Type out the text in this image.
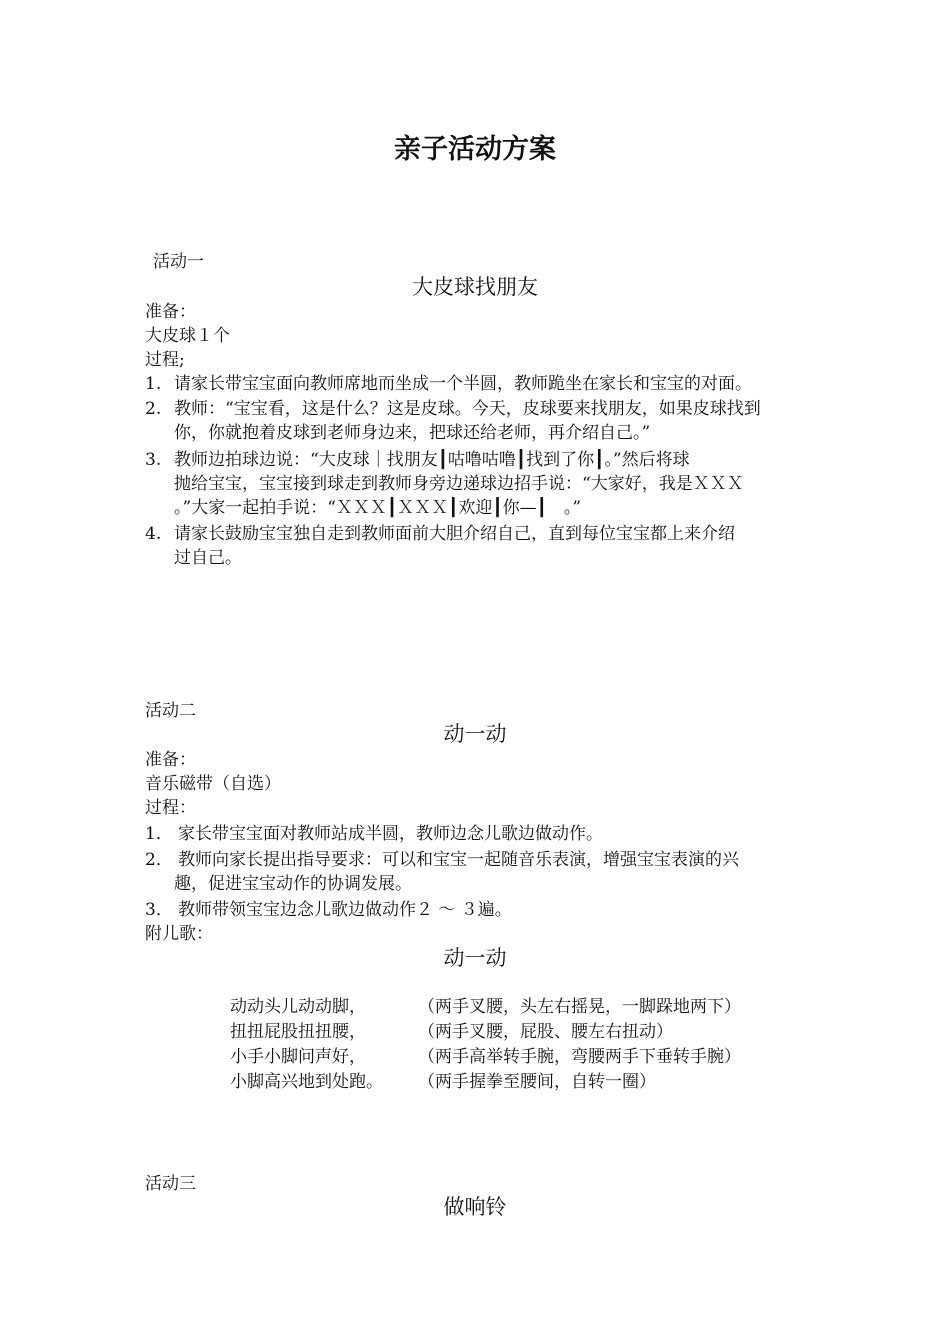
亲子活动方案
活动一
大皮球找朋友
准备：
大皮球１个
过程;
1. 请家长带宝宝面向教师席地而坐成一个半圆，教师跪坐在家长和宝宝的对面。
2. 教师：“宝宝看，这是什么？这是皮球。今天，皮球要来找朋友，如果皮球找到
你，你就抱着皮球到老师身边来，把球还给老师，再介绍自己。”
3. 教师边拍球边说：“大皮球｜找朋友┃咕噜咕噜┃找到了你┃。”然后将球
抛给宝宝，宝宝接到球走到教师身旁边递球边招手说：“大家好，我是ＸＸＸ
。”大家一起拍手说：“ＸＸＸ┃ＸＸＸ┃欢迎┃你—┃　。”
4. 请家长鼓励宝宝独自走到教师面前大胆介绍自己，直到每位宝宝都上来介绍
过自己。
活动二
动一动
准备：
音乐磁带（自选）
过程：
1． 家长带宝宝面对教师站成半圆，教师边念儿歌边做动作。
2． 教师向家长提出指导要求：可以和宝宝一起随音乐表演，增强宝宝表演的兴
趣，促进宝宝动作的协调发展。
3． 教师带领宝宝边念儿歌边做动作２ ～ ３遍。
附儿歌：
动一动
动动头儿动动脚，	（两手叉腰，头左右摇晃，一脚跺地两下）
扭扭屁股扭扭腰，	（两手叉腰，屁股、腰左右扭动）
小手小脚问声好，	（两手高举转手腕，弯腰两手下垂转手腕）
小脚高兴地到处跑。 （两手握拳至腰间，自转一圈）
活动三
做响铃
